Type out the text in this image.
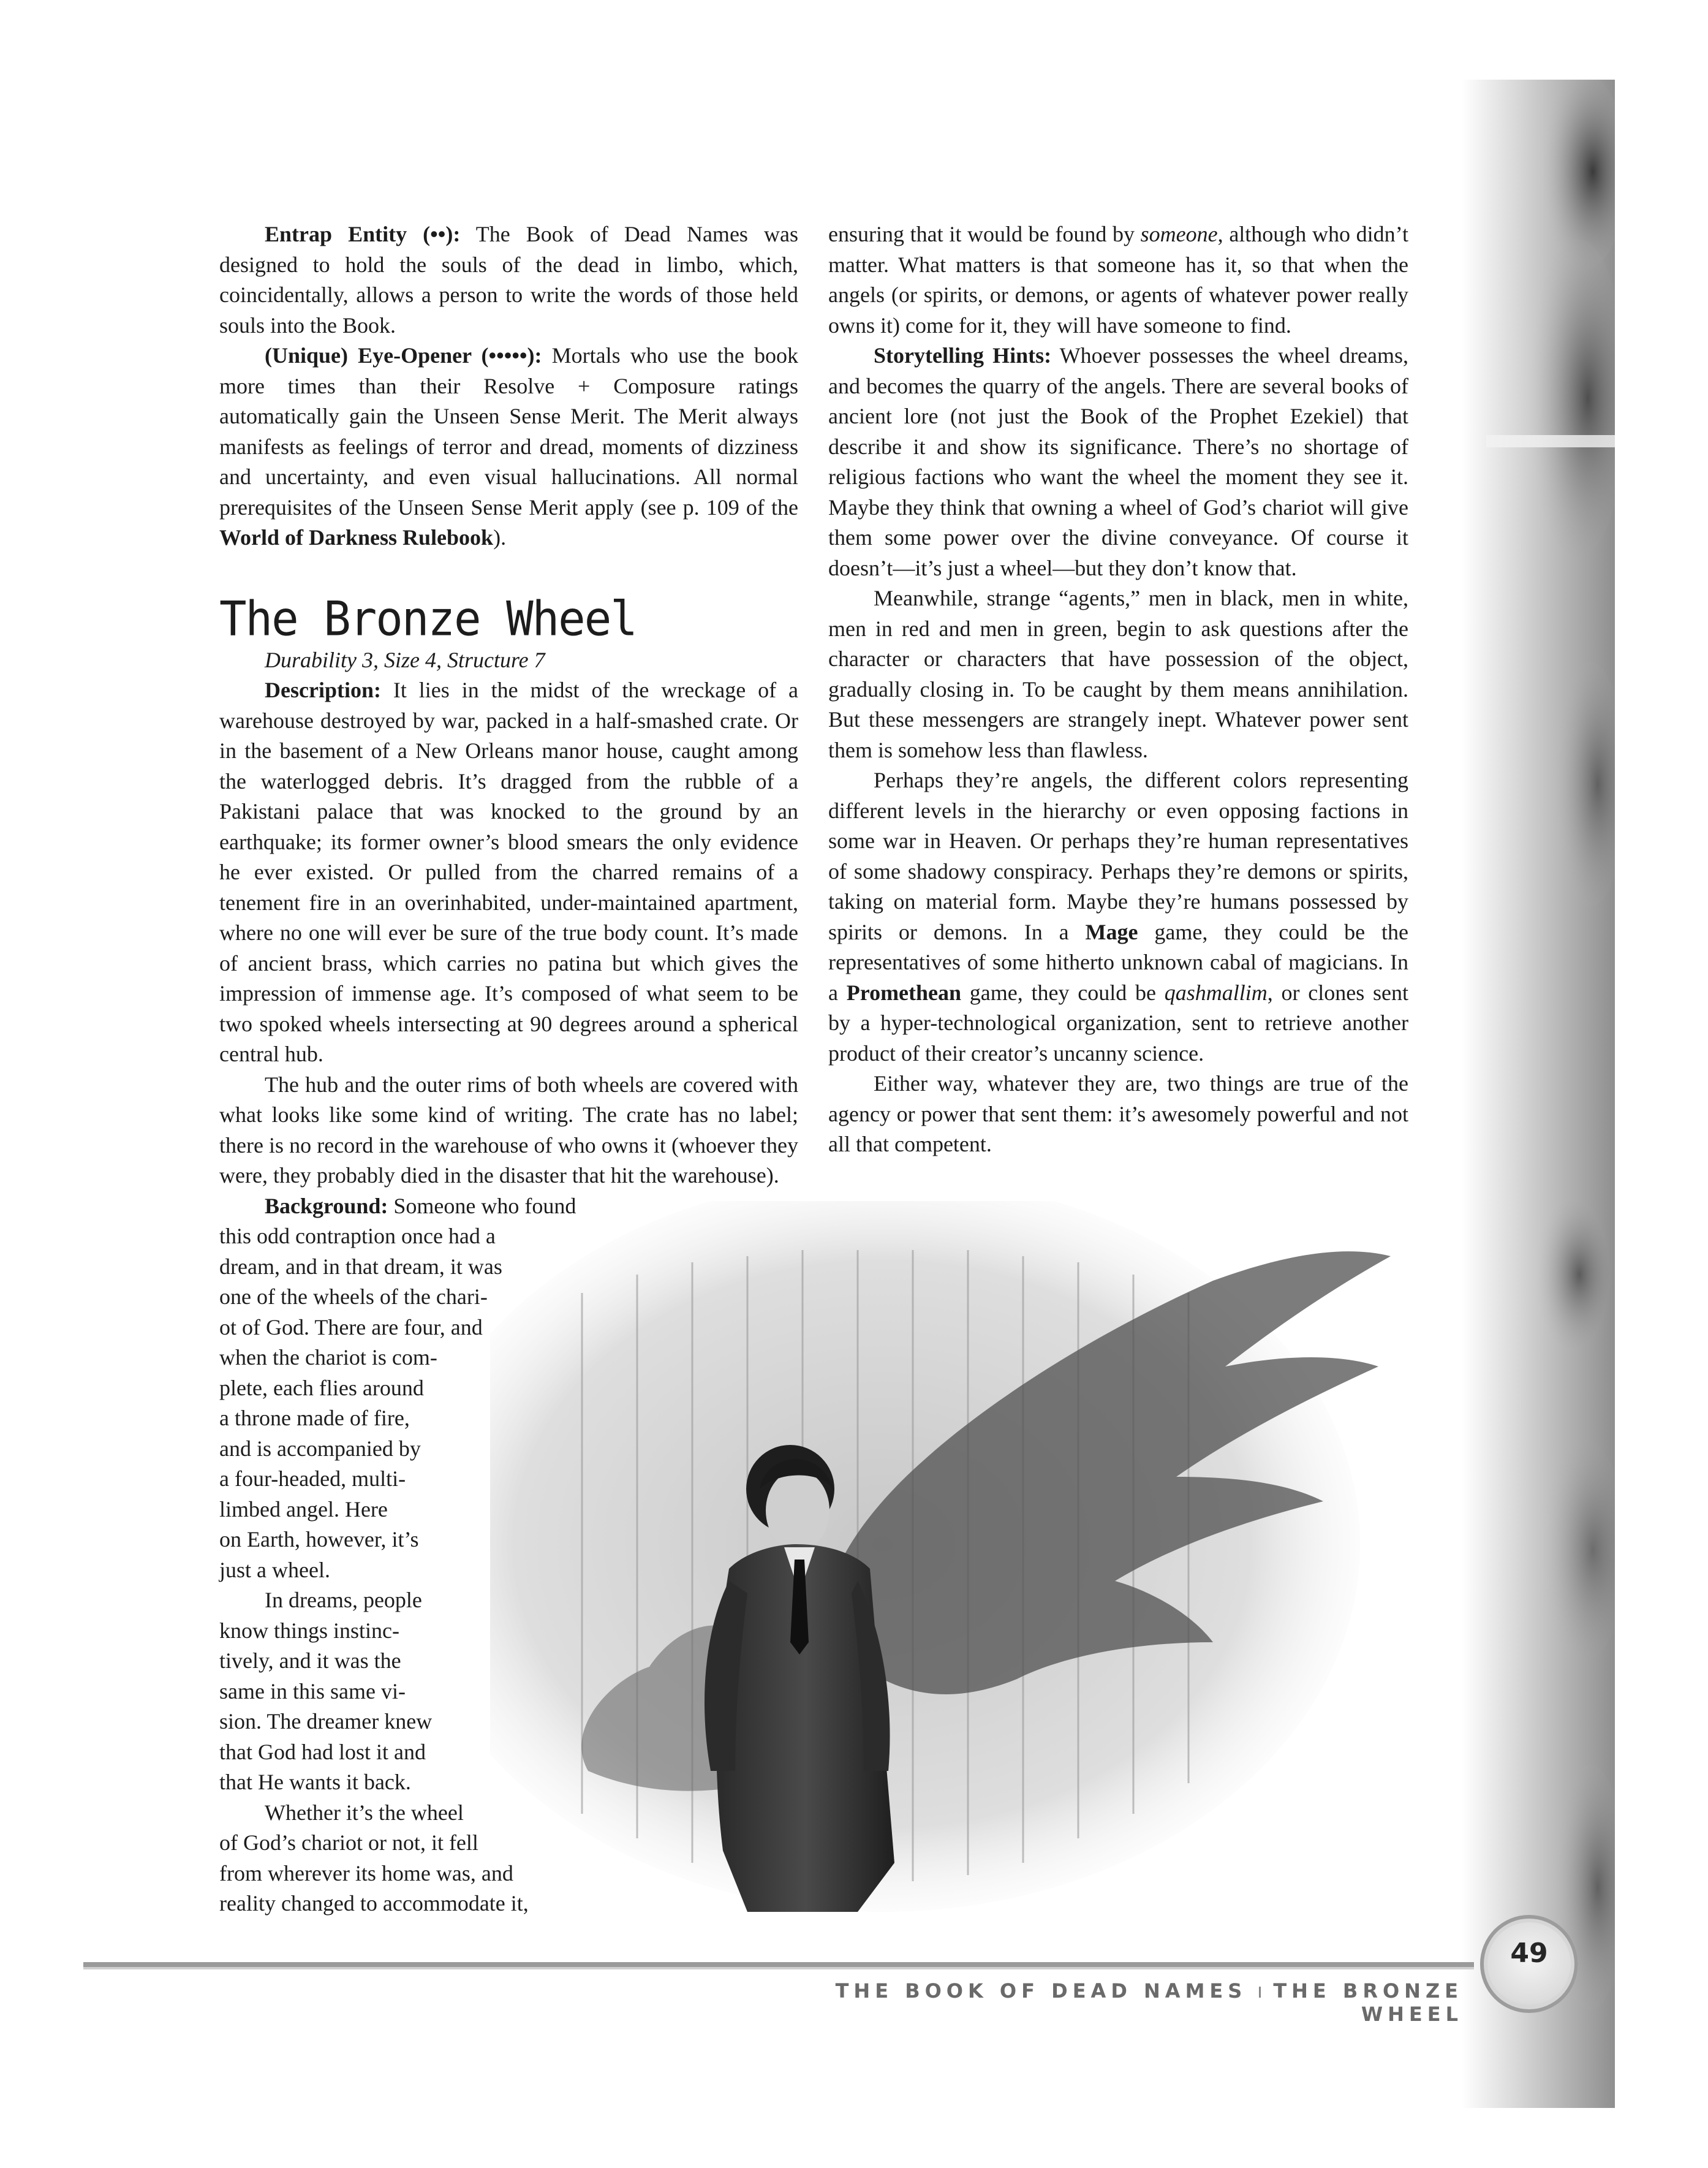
Entrap Entity (••): The Book of Dead Names was designed to hold the souls of the dead in limbo, which, coincidentally, allows a person to write the words of those held souls into the Book.

(Unique) Eye-Opener (•••••): Mortals who use the book more times than their Resolve + Composure ratings automatically gain the Unseen Sense Merit. The Merit always manifests as feelings of terror and dread, moments of dizziness and uncertainty, and even visual hallucinations. All normal prerequisites of the Unseen Sense Merit apply (see p. 109 of the World of Darkness Rulebook).

The Bronze Wheel

Durability 3, Size 4, Structure 7

Description: It lies in the midst of the wreckage of a warehouse destroyed by war, packed in a half-smashed crate. Or in the basement of a New Orleans manor house, caught among the waterlogged debris. It’s dragged from the rubble of a Pakistani palace that was knocked to the ground by an earthquake; its former owner’s blood smears the only evidence he ever existed. Or pulled from the charred remains of a tenement fire in an overinhabited, under-maintained apartment, where no one will ever be sure of the true body count. It’s made of ancient brass, which carries no patina but which gives the impression of immense age. It’s composed of what seem to be two spoked wheels intersecting at 90 degrees around a spherical central hub.

The hub and the outer rims of both wheels are covered with what looks like some kind of writing. The crate has no label; there is no record in the warehouse of who owns it (whoever they were, they probably died in the disaster that hit the warehouse).

Background: Someone who found
this odd contraption once had a
dream, and in that dream, it was
one of the wheels of the chari-
ot of God. There are four, and
when the chariot is com-
plete, each flies around
a throne made of fire,
and is accompanied by
a four-headed, multi-
limbed angel. Here
on Earth, however, it’s
just a wheel.
In dreams, people
know things instinc-
tively, and it was the
same in this same vi-
sion. The dreamer knew
that God had lost it and
that He wants it back.
Whether it’s the wheel
of God’s chariot or not, it fell
from wherever its home was, and
reality changed to accommodate it,

ensuring that it would be found by someone, although who didn’t matter. What matters is that someone has it, so that when the angels (or spirits, or demons, or agents of whatever power really owns it) come for it, they will have someone to find.

Storytelling Hints: Whoever possesses the wheel dreams, and becomes the quarry of the angels. There are several books of ancient lore (not just the Book of the Prophet Ezekiel) that describe it and show its significance. There’s no shortage of religious factions who want the wheel the moment they see it. Maybe they think that owning a wheel of God’s chariot will give them some power over the divine conveyance. Of course it doesn’t—it’s just a wheel—but they don’t know that.

Meanwhile, strange “agents,” men in black, men in white, men in red and men in green, begin to ask questions after the character or characters that have possession of the object, gradually closing in. To be caught by them means annihilation. But these messengers are strangely inept. Whatever power sent them is somehow less than flawless.

Perhaps they’re angels, the different colors representing different levels in the hierarchy or even opposing factions in some war in Heaven. Or perhaps they’re human representatives of some shadowy conspiracy. Perhaps they’re demons or spirits, taking on material form. Maybe they’re humans possessed by spirits or demons. In a Mage game, they could be the representatives of some hitherto unknown cabal of magicians. In a Promethean game, they could be qashmallim, or clones sent by a hyper-technological organization, sent to retrieve another product of their creator’s uncanny science.

Either way, whatever they are, two things are true of the agency or power that sent them: it’s awesomely powerful and not all that competent.

THE BOOK OF DEAD NAMES THE BRONZE WHEEL
49
